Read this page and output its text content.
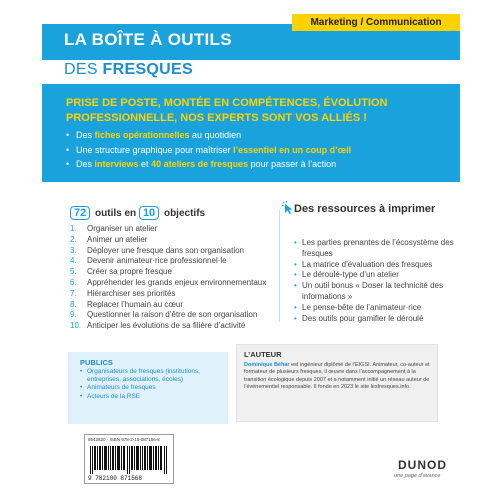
Marketing / Communication
LA BOÎTE À OUTILS
DES FRESQUES
PRISE DE POSTE, MONTÉE EN COMPÉTENCES, ÉVOLUTION PROFESSIONNELLE, NOS EXPERTS SONT VOS ALLIÉS !
• Des fiches opérationnelles au quotidien
• Une structure graphique pour maîtriser l’essentiel en un coup d’œil
• Des interviews et 40 ateliers de fresques pour passer à l’action
72 outils en 10 objectifs
1.	Organiser un atelier
2.	Animer un atelier
3.	Déployer une fresque dans son organisation
4.	Devenir animateur·rice professionnel·le
5.	Créer sa propre fresque
6.	Appréhender les grands enjeux environnementaux
7.	Hiérarchiser ses priorités
8.	Replacer l’humain au cœur
9.	Questionner la raison d’être de son organisation
10. Anticiper les évolutions de sa filière d’activité
Des ressources à imprimer
• Les parties prenantes de l’écosystème des fresques
• La matrice d’évaluation des fresques
• Le déroulé-type d’un atelier
• Un outil bonus « Doser la technicité des informations »
• Le pense-bête de l’animateur·rice
• Des outils pour gamifier le déroulé
PUBLICS
• Organisateurs de fresques (institutions, entreprises, associations, écoles)
• Animateurs de fresques
• Acteurs de la RSE
L’AUTEUR
Dominique Béhar est ingénieur diplômé de l’EIGSI. Animateur, co-auteur et formateur de plusieurs fresques, il œuvre dans l’accompagnement à la transition écologique depuis 2007 et a notamment initié un réseau auteur de l’événementiel responsable. Il fonde en 2023 le site lesfresques.info.
8542820 · ISBN 978-2-10-087156-8
9 782100 871568
DUNOD
une page d’avance
